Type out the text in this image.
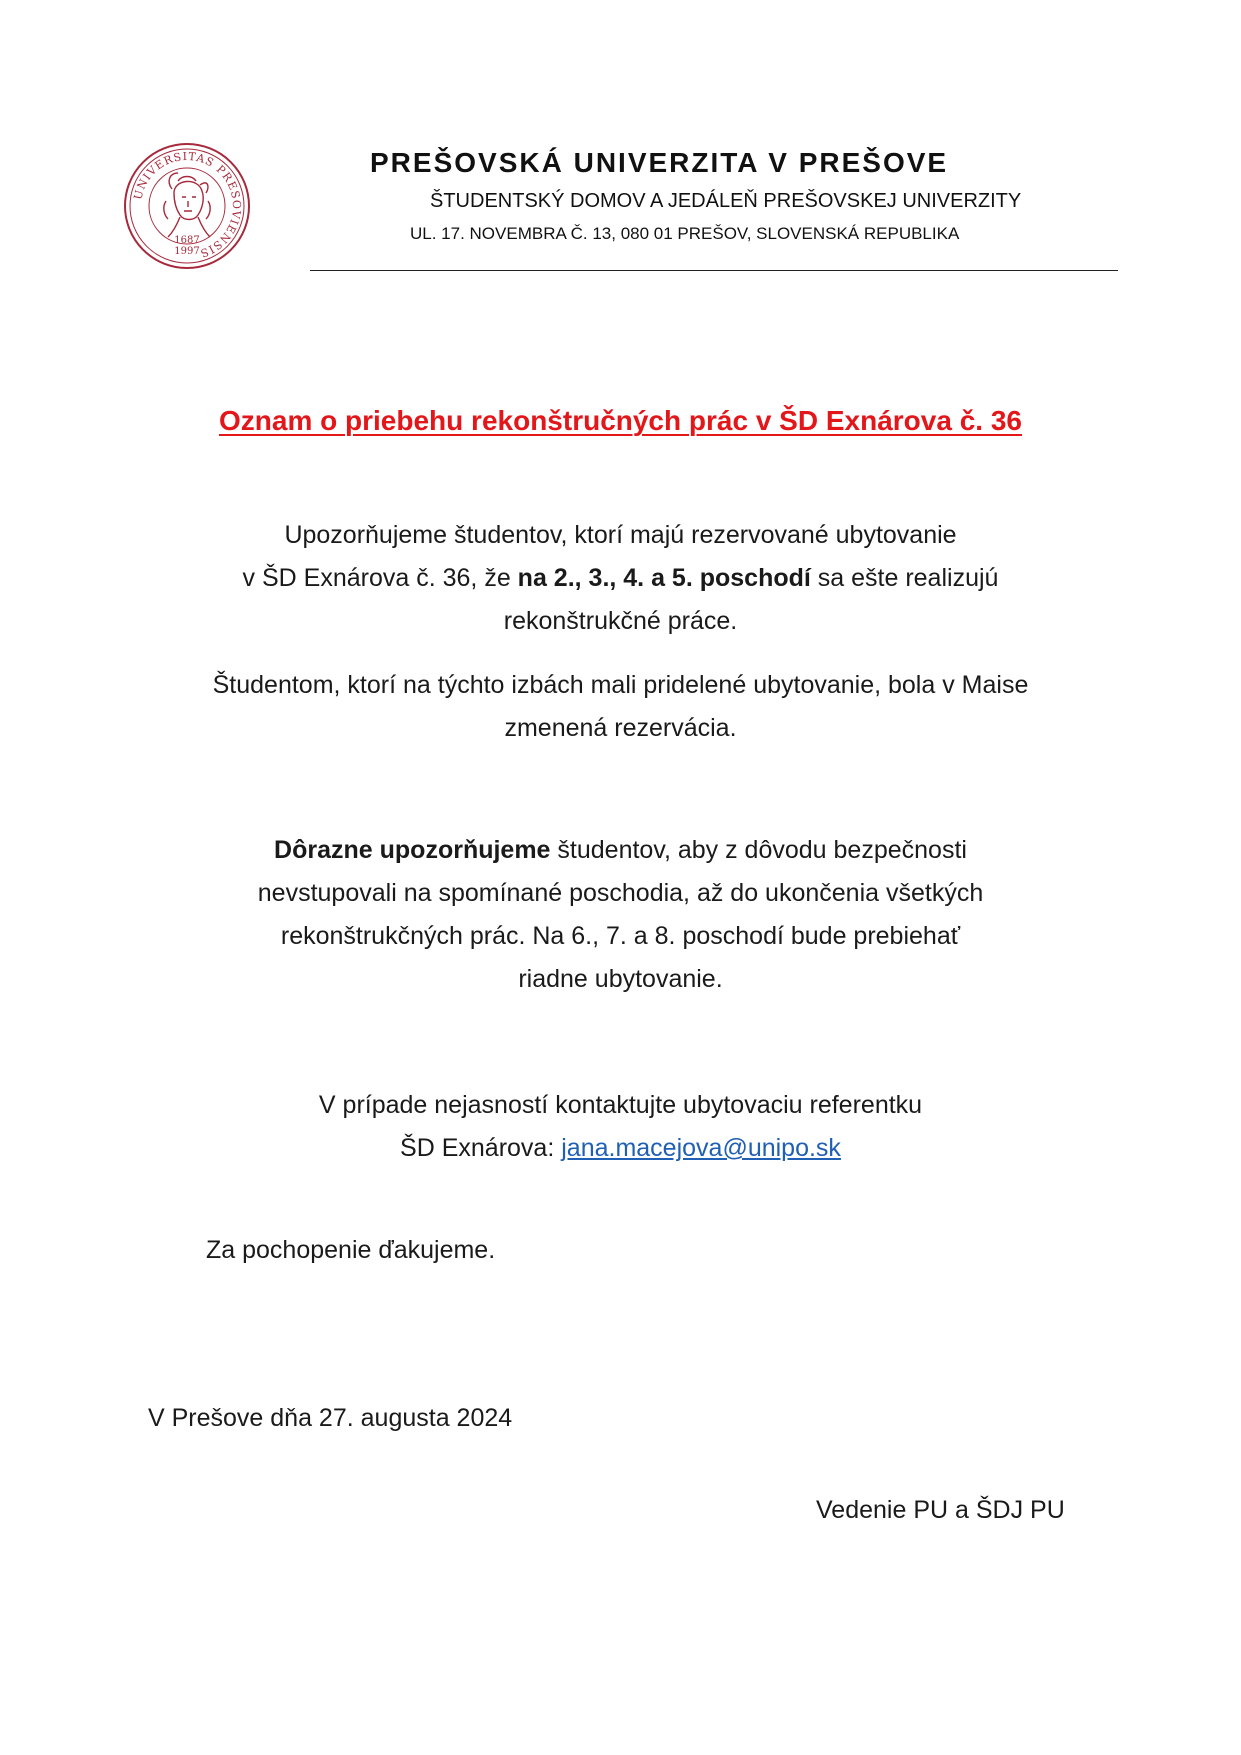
UNIVERSITAS PRESOVIENSIS
1687
1997
PREŠOVSKÁ UNIVERZITA V PREŠOVE
ŠTUDENTSKÝ DOMOV A JEDÁLEŇ PREŠOVSKEJ UNIVERZITY
UL. 17. NOVEMBRA Č. 13, 080 01 PREŠOV, SLOVENSKÁ REPUBLIKA
Oznam o priebehu rekonštručných prác v ŠD Exnárova č. 36
Upozorňujeme študentov, ktorí majú rezervované ubytovanie
v ŠD Exnárova č. 36, že na 2., 3., 4. a 5. poschodí sa ešte realizujú
rekonštrukčné práce.
Študentom, ktorí na týchto izbách mali pridelené ubytovanie, bola v Maise
zmenená rezervácia.
Dôrazne upozorňujeme študentov, aby z dôvodu bezpečnosti
nevstupovali na spomínané poschodia, až do ukončenia všetkých
rekonštrukčných prác. Na 6., 7. a 8. poschodí bude prebiehať
riadne ubytovanie.
V prípade nejasností kontaktujte ubytovaciu referentku
ŠD Exnárova: jana.macejova@unipo.sk
Za pochopenie ďakujeme.
V Prešove dňa 27. augusta 2024
Vedenie PU a ŠDJ PU
